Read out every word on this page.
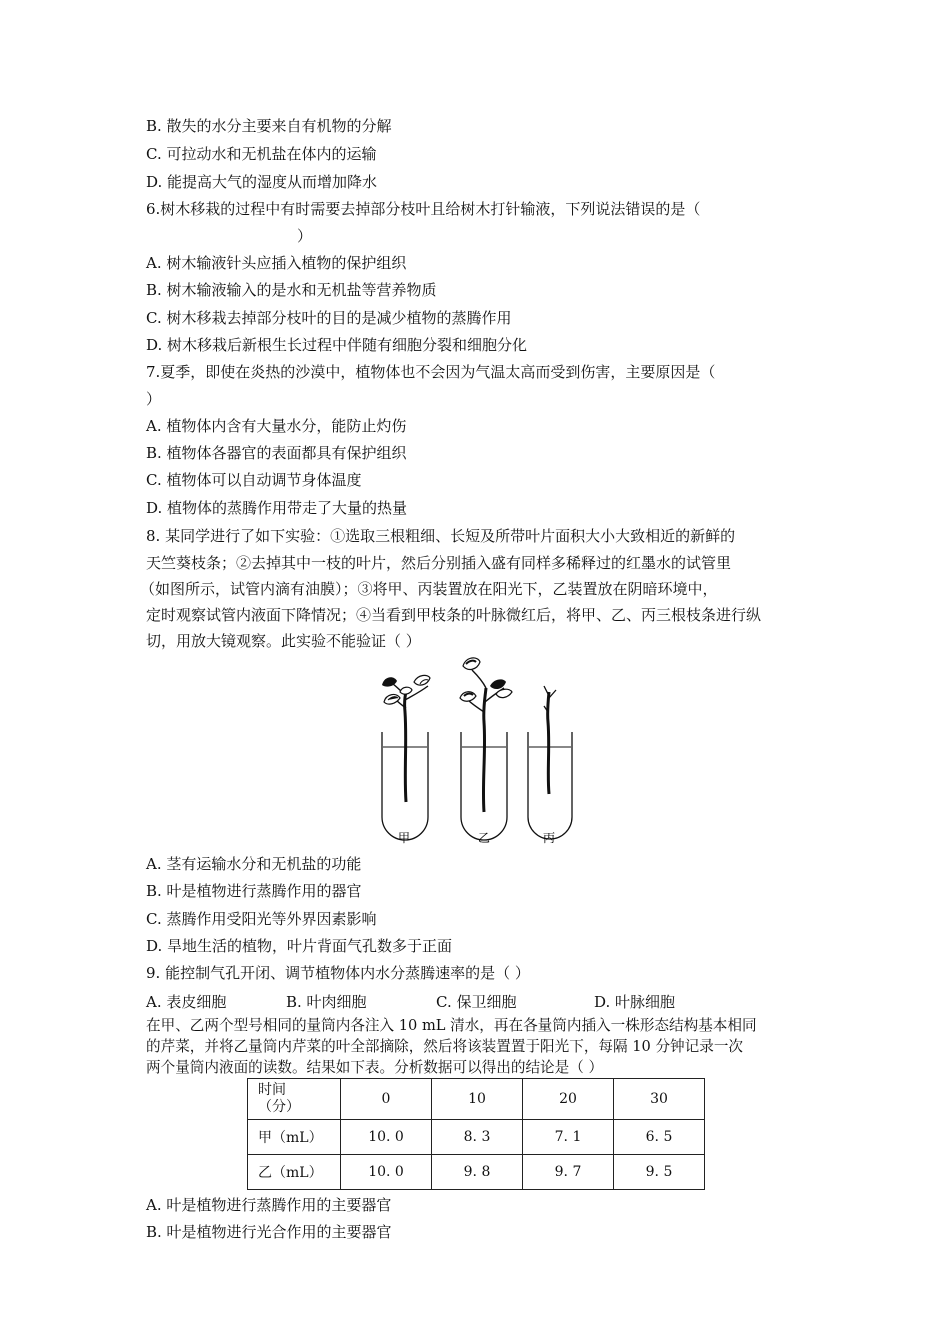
B. 散失的水分主要来自有机物的分解
C. 可拉动水和无机盐在体内的运输
D. 能提高大气的湿度从而增加降水
6.树木移栽的过程中有时需要去掉部分枝叶且给树木打针输液，下列说法错误的是（
）
A. 树木输液针头应插入植物的保护组织
B. 树木输液输入的是水和无机盐等营养物质
C. 树木移栽去掉部分枝叶的目的是减少植物的蒸腾作用
D. 树木移栽后新根生长过程中伴随有细胞分裂和细胞分化
7.夏季，即使在炎热的沙漠中，植物体也不会因为气温太高而受到伤害，主要原因是（
）
A. 植物体内含有大量水分，能防止灼伤
B. 植物体各器官的表面都具有保护组织
C. 植物体可以自动调节身体温度
D. 植物体的蒸腾作用带走了大量的热量
8. 某同学进行了如下实验：①选取三根粗细、长短及所带叶片面积大小大致相近的新鲜的
天竺葵枝条；②去掉其中一枝的叶片，然后分别插入盛有同样多稀释过的红墨水的试管里
（如图所示，试管内滴有油膜）；③将甲、丙装置放在阳光下，乙装置放在阴暗环境中，
定时观察试管内液面下降情况；④当看到甲枝条的叶脉微红后，将甲、乙、丙三根枝条进行纵
切，用放大镜观察。此实验不能验证（ ）
甲	乙	丙
A. 茎有运输水分和无机盐的功能
B. 叶是植物进行蒸腾作用的器官
C. 蒸腾作用受阳光等外界因素影响
D. 旱地生活的植物，叶片背面气孔数多于正面
9. 能控制气孔开闭、调节植物体内水分蒸腾速率的是（ ）
A. 表皮细胞	B. 叶肉细胞	C. 保卫细胞	D. 叶脉细胞
在甲、乙两个型号相同的量筒内各注入 10 mL 清水，再在各量筒内插入一株形态结构基本相同
的芹菜，并将乙量筒内芹菜的叶全部摘除，然后将该装置置于阳光下，每隔 10 分钟记录一次
两个量筒内液面的读数。结果如下表。分析数据可以得出的结论是（ ）
时间
（分）	0	10	20	30
甲（mL）	10. 0	8. 3	7. 1	6. 5
乙（mL）	10. 0	9. 8	9. 7	9. 5
A. 叶是植物进行蒸腾作用的主要器官
B. 叶是植物进行光合作用的主要器官
